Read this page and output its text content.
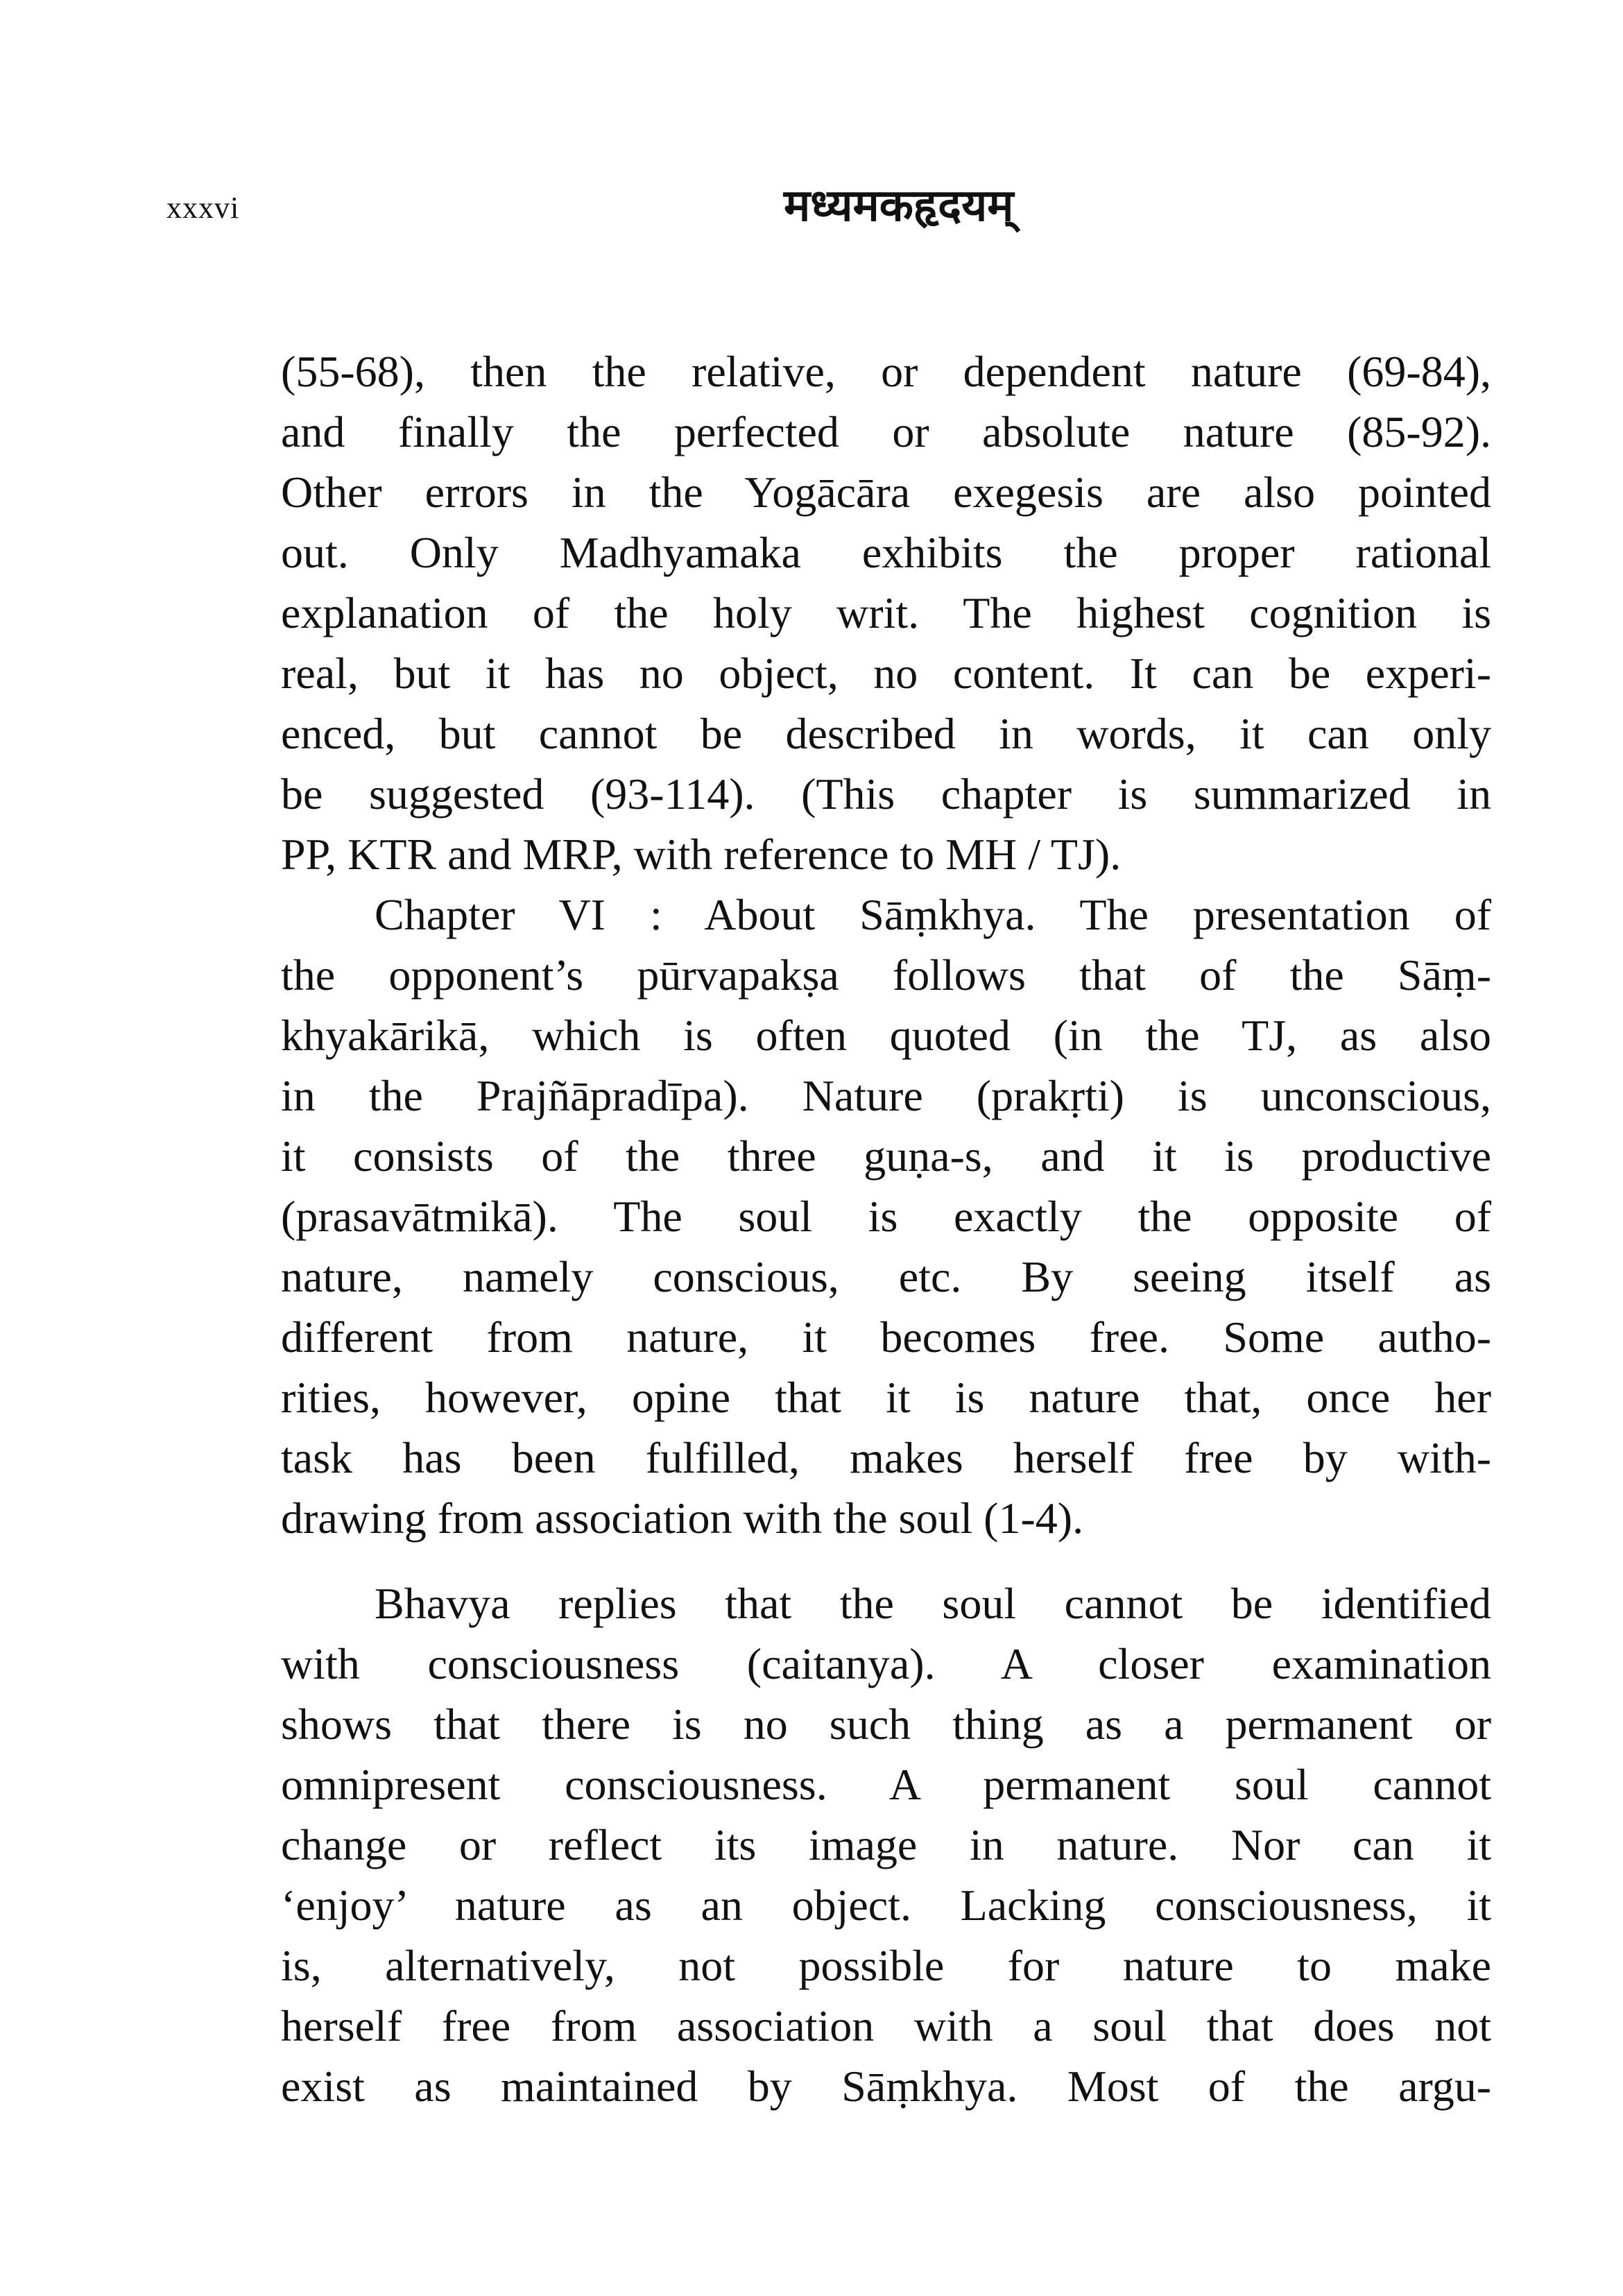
xxxvi	मध्यमकहृदयम्
(55-68), then the relative, or dependent nature (69-84),
and finally the perfected or absolute nature (85-92).
Other errors in the Yogācāra exegesis are also pointed
out. Only Madhyamaka exhibits the proper rational
explanation of the holy writ. The highest cognition is
real, but it has no object, no content. It can be experi-
enced, but cannot be described in words, it can only
be suggested (93-114). (This chapter is summarized in
PP, KTR and MRP, with reference to MH / TJ).
Chapter VI : About Sāṃkhya. The presentation of
the opponent’s pūrvapakṣa follows that of the Sāṃ-
khyakārikā, which is often quoted (in the TJ, as also
in the Prajñāpradīpa). Nature (prakṛti) is unconscious,
it consists of the three guṇa-s, and it is productive
(prasavātmikā). The soul is exactly the opposite of
nature, namely conscious, etc. By seeing itself as
different from nature, it becomes free. Some autho-
rities, however, opine that it is nature that, once her
task has been fulfilled, makes herself free by with-
drawing from association with the soul (1-4).
Bhavya replies that the soul cannot be identified
with consciousness (caitanya). A closer examination
shows that there is no such thing as a permanent or
omnipresent consciousness. A permanent soul cannot
change or reflect its image in nature. Nor can it
‘enjoy’ nature as an object. Lacking consciousness, it
is, alternatively, not possible for nature to make
herself free from association with a soul that does not
exist as maintained by Sāṃkhya. Most of the argu-
